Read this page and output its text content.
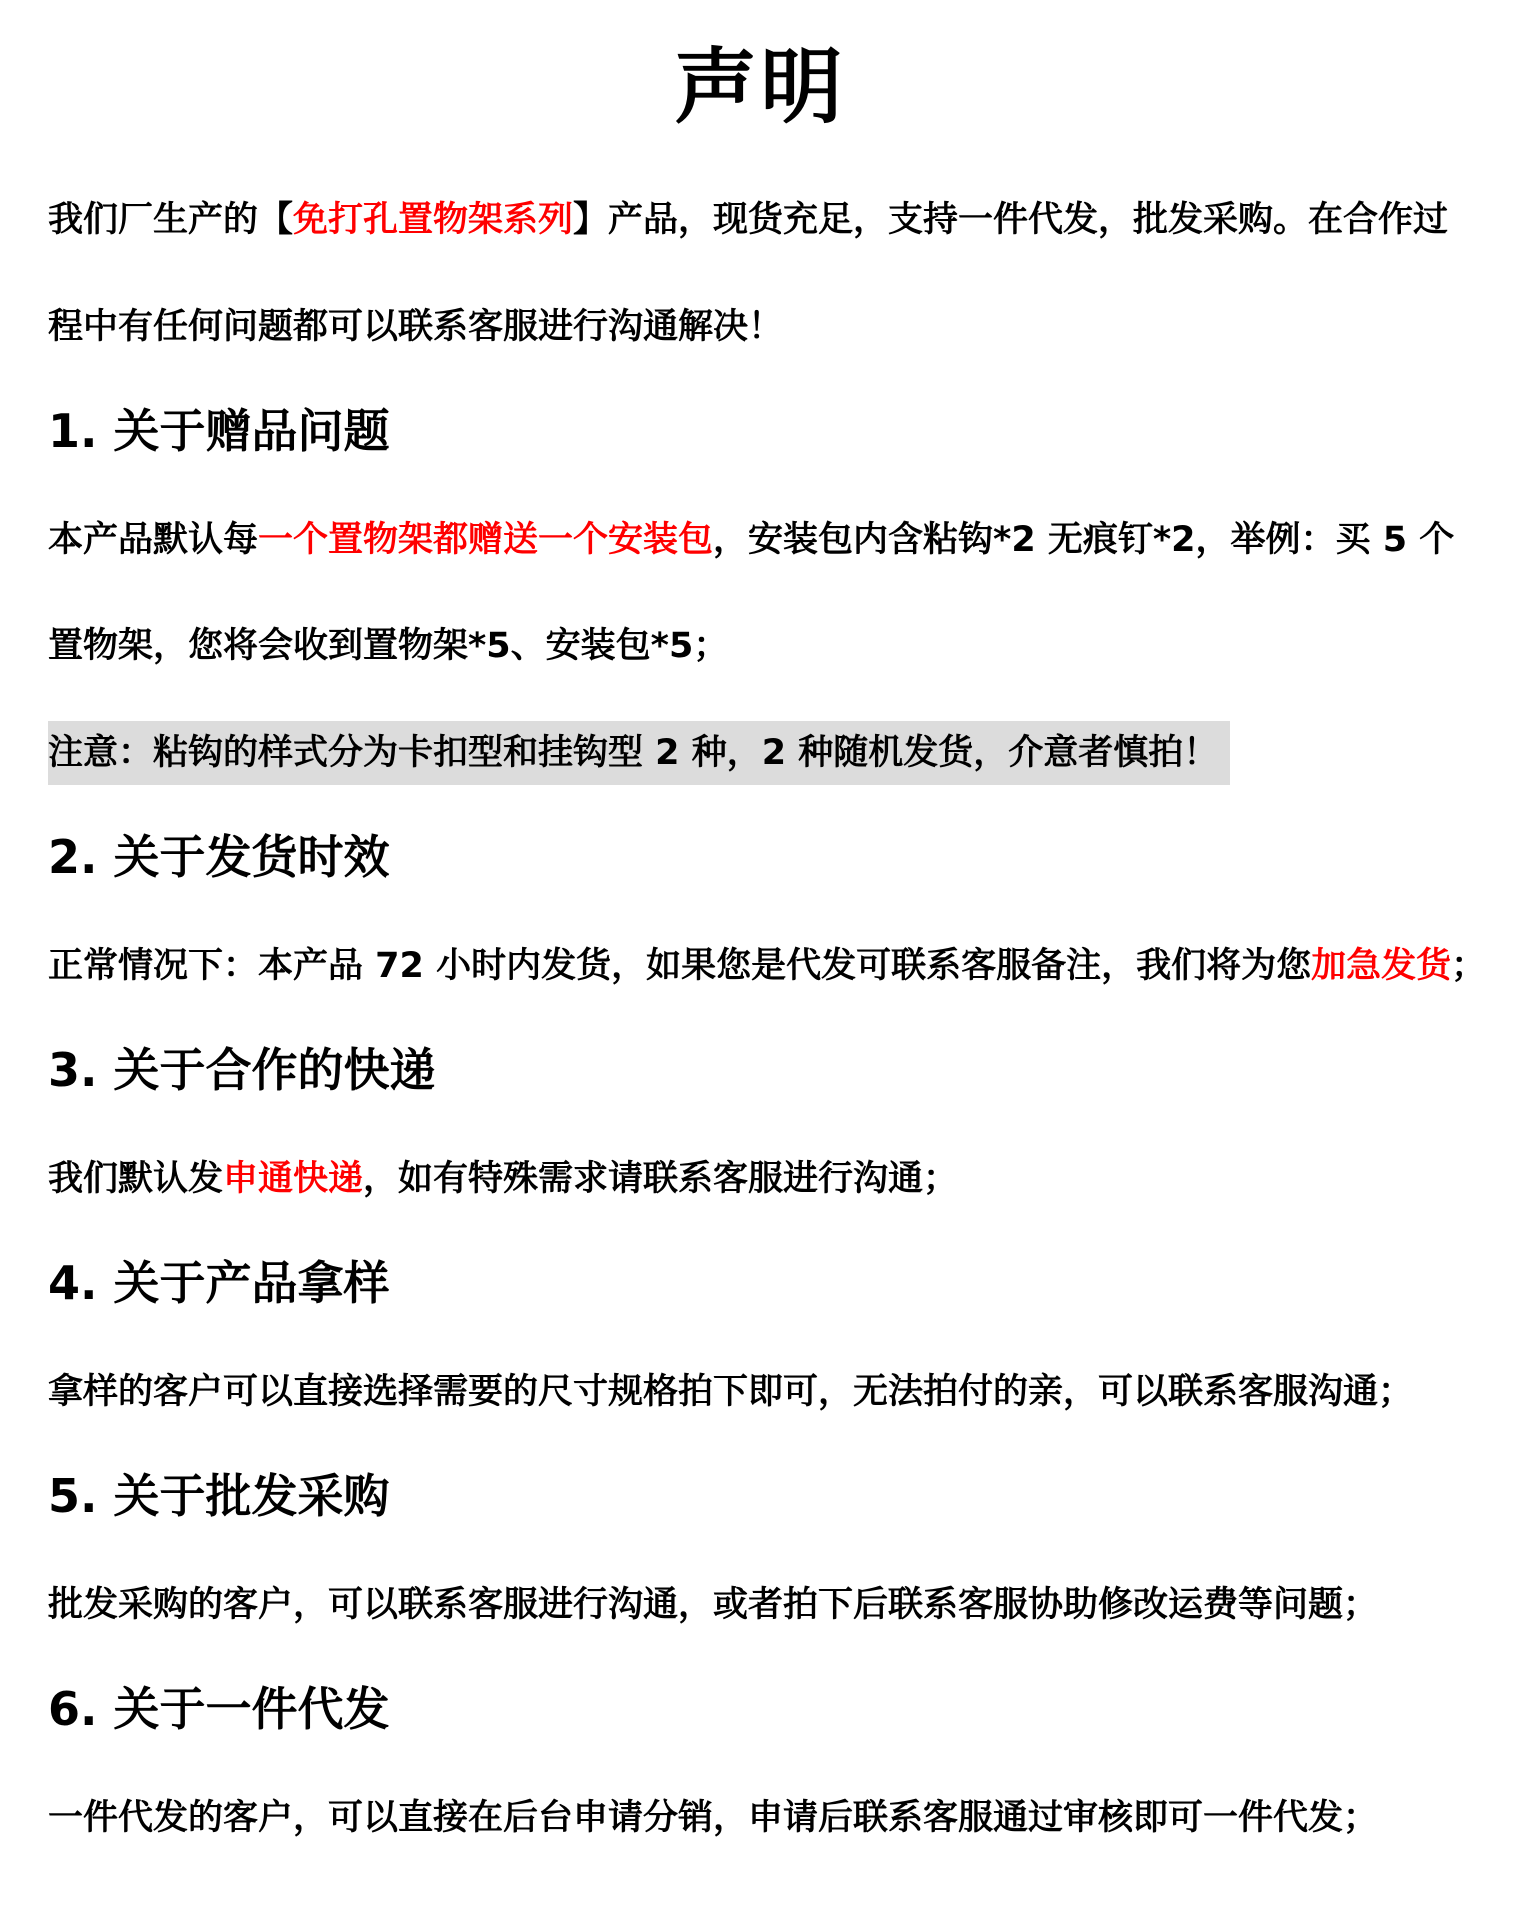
声明
我们厂生产的【免打孔置物架系列】产品，现货充足，支持一件代发，批发采购。在合作过
程中有任何问题都可以联系客服进行沟通解决！
1. 关于赠品问题
本产品默认每一个置物架都赠送一个安装包，安装包内含粘钩*2 无痕钉*2，举例：买 5 个
置物架，您将会收到置物架*5、安装包*5；
注意：粘钩的样式分为卡扣型和挂钩型 2 种，2 种随机发货，介意者慎拍！
2. 关于发货时效
正常情况下：本产品 72 小时内发货，如果您是代发可联系客服备注，我们将为您加急发货；
3. 关于合作的快递
我们默认发申通快递，如有特殊需求请联系客服进行沟通；
4. 关于产品拿样
拿样的客户可以直接选择需要的尺寸规格拍下即可，无法拍付的亲，可以联系客服沟通；
5. 关于批发采购
批发采购的客户，可以联系客服进行沟通，或者拍下后联系客服协助修改运费等问题；
6. 关于一件代发
一件代发的客户，可以直接在后台申请分销，申请后联系客服通过审核即可一件代发；
